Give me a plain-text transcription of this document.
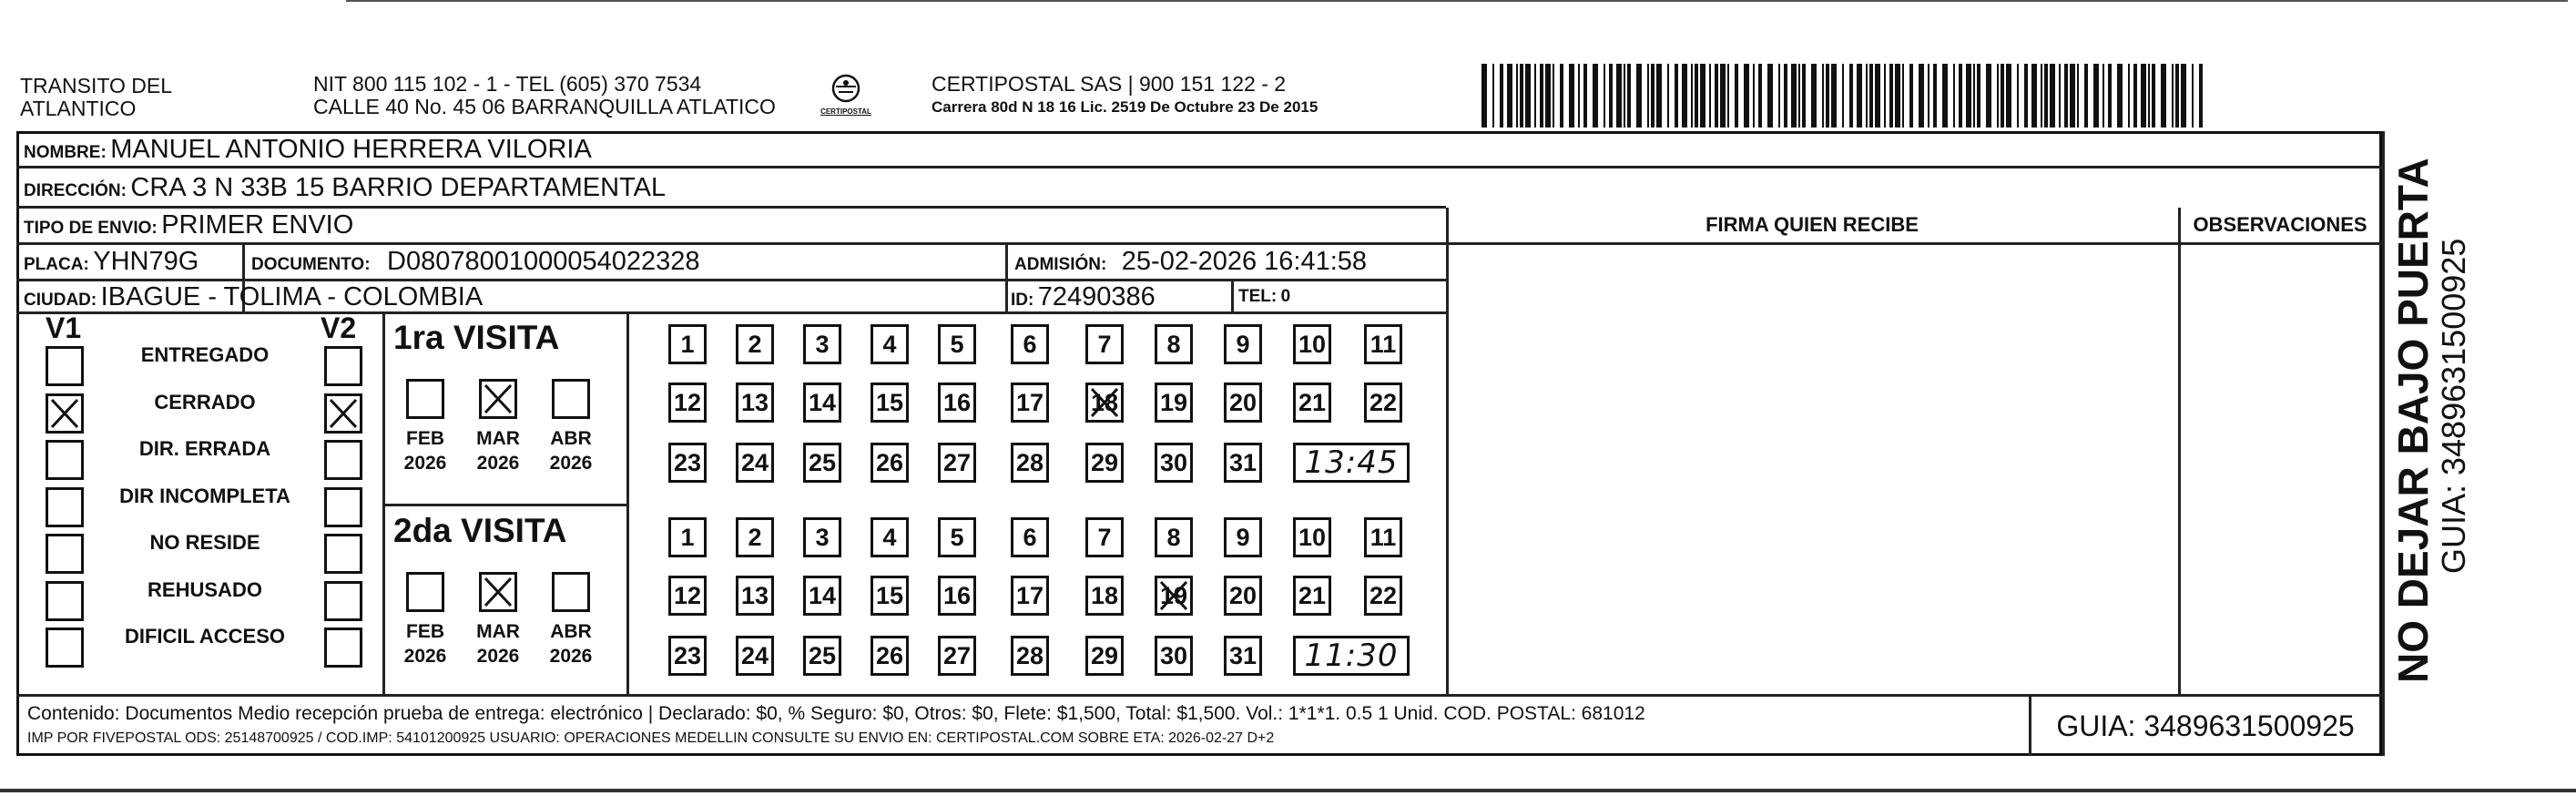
TRANSITO DEL
ATLANTICO
NIT 800 115 102 - 1 - TEL (605) 370 7534
CALLE 40 No. 45 06 BARRANQUILLA ATLATICO	CERTIPOSTAL
CERTIPOSTAL SAS | 900 151 122 - 2
Carrera 80d N 18 16 Lic. 2519 De Octubre 23 De 2015
NOMBRE: MANUEL ANTONIO HERRERA VILORIA
DIRECCIÓN: CRA 3 N 33B 15 BARRIO DEPARTAMENTAL
TIPO DE ENVIO: PRIMER ENVIO	FIRMA QUIEN RECIBE	OBSERVACIONES
PLACA: YHN79G	DOCUMENTO: D08078001000054022328	ADMISIÓN: 25-02-2026 16:41:58
CIUDAD: IBAGUE - TOLIMA - COLOMBIA	ID: 72490386	TEL: 0
V1	V2
ENTREGADO
CERRADO
DIR. ERRADA
DIR INCOMPLETA
NO RESIDE
REHUSADO
DIFICIL ACCESO
1ra VISITA
FEB
2026
MAR
2026
ABR
2026
1	2	3	4	5	6	7	8	9	10 11
12 13 14 15 16 17 18 19 20 21 22
23 24 25 26 27 28 29 30 31	13:45
2da VISITA
FEB
2026
MAR
2026
ABR
2026
1	2	3	4	5	6	7	8	9	10 11
12 13 14 15 16 17 18 19 20 21 22
23 24 25 26 27 28 29 30 31	11:30
Contenido: Documentos Medio recepción prueba de entrega: electrónico | Declarado: $0, % Seguro: $0, Otros: $0, Flete: $1,500, Total: $1,500. Vol.: 1*1*1. 0.5 1 Unid. COD. POSTAL: 681012
IMP POR FIVEPOSTAL ODS: 25148700925 / COD.IMP: 54101200925 USUARIO: OPERACIONES MEDELLIN CONSULTE SU ENVIO EN: CERTIPOSTAL.COM SOBRE ETA: 2026-02-27 D+2	GUIA: 3489631500925
NO DEJAR BAJO PUERTA
GUIA: 3489631500925
